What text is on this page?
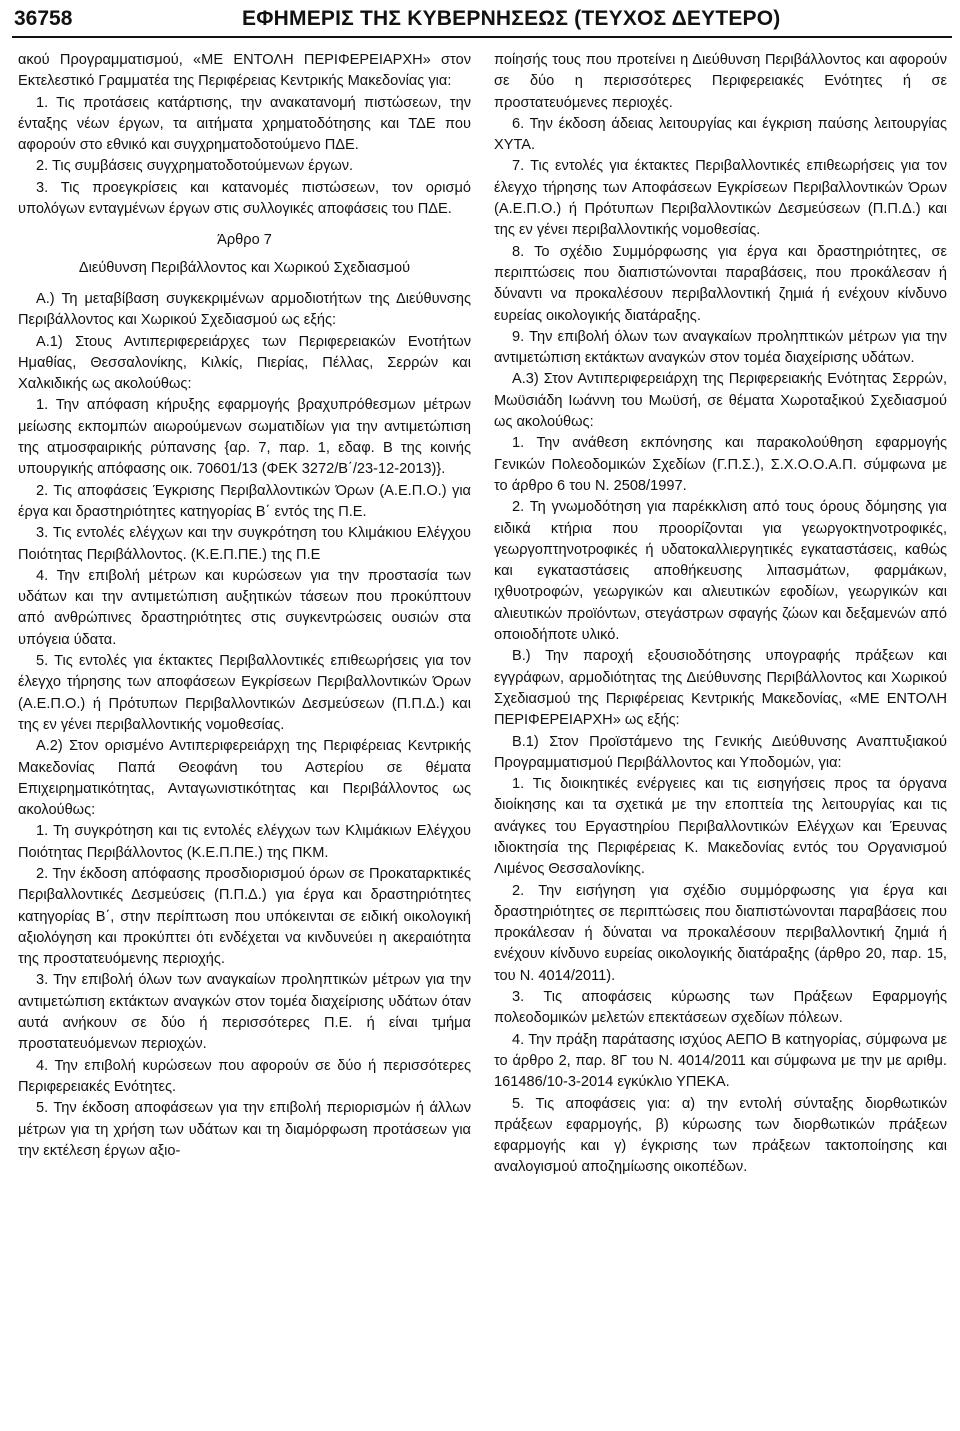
36758	ΕΦΗΜΕΡΙΣ ΤΗΣ ΚΥΒΕΡΝΗΣΕΩΣ (ΤΕΥΧΟΣ ΔΕΥΤΕΡΟ)

ακού Προγραμματισμού, «ΜΕ ΕΝΤΟΛΗ ΠΕΡΙΦΕΡΕΙΑΡΧΗ» στον Εκτελεστικό Γραμματέα της Περιφέρειας Κεντρικής Μακεδονίας για:

1. Τις προτάσεις κατάρτισης, την ανακατανομή πιστώσεων, την ένταξης νέων έργων, τα αιτήματα χρηματοδότησης και ΤΔΕ που αφορούν στο εθνικό και συγχρηματοδοτούμενο ΠΔΕ.

2. Τις συμβάσεις συγχρηματοδοτούμενων έργων.

3. Τις προεγκρίσεις και κατανομές πιστώσεων, τον ορισμό υπολόγων ενταγμένων έργων στις συλλογικές αποφάσεις του ΠΔΕ.

Άρθρο 7

Διεύθυνση Περιβάλλοντος και Χωρικού Σχεδιασμού

Α.) Τη μεταβίβαση συγκεκριμένων αρμοδιοτήτων της Διεύθυνσης Περιβάλλοντος και Χωρικού Σχεδιασμού ως εξής:

Α.1) Στους Αντιπεριφερειάρχες των Περιφερειακών Ενοτήτων Ημαθίας, Θεσσαλονίκης, Κιλκίς, Πιερίας, Πέλλας, Σερρών και Χαλκιδικής ως ακολούθως:

1. Την απόφαση κήρυξης εφαρμογής βραχυπρόθεσμων μέτρων μείωσης εκπομπών αιωρούμενων σωματιδίων για την αντιμετώπιση της ατμοσφαιρικής ρύπανσης {αρ. 7, παρ. 1, εδαφ. Β της κοινής υπουργικής απόφασης οικ. 70601/13 (ΦΕΚ 3272/Β΄/23-12-2013)}.

2. Τις αποφάσεις Έγκρισης Περιβαλλοντικών Όρων (Α.Ε.Π.Ο.) για έργα και δραστηριότητες κατηγορίας Β΄ εντός της Π.Ε.

3. Τις εντολές ελέγχων και την συγκρότηση του Κλιμάκιου Ελέγχου Ποιότητας Περιβάλλοντος. (Κ.Ε.Π.ΠΕ.) της Π.Ε

4. Την επιβολή μέτρων και κυρώσεων για την προστασία των υδάτων και την αντιμετώπιση αυξητικών τάσεων που προκύπτουν από ανθρώπινες δραστηριότητες στις συγκεντρώσεις ουσιών στα υπόγεια ύδατα.

5. Τις εντολές για έκτακτες Περιβαλλοντικές επιθεωρήσεις για τον έλεγχο τήρησης των αποφάσεων Εγκρίσεων Περιβαλλοντικών Όρων (Α.Ε.Π.Ο.) ή Πρότυπων Περιβαλλοντικών Δεσμεύσεων (Π.Π.Δ.) και της εν γένει περιβαλλοντικής νομοθεσίας.

Α.2) Στον ορισμένο Αντιπεριφερειάρχη της Περιφέρειας Κεντρικής Μακεδονίας Παπά Θεοφάνη του Αστερίου σε θέματα Επιχειρηματικότητας, Ανταγωνιστικότητας και Περιβάλλοντος ως ακολούθως:

1. Τη συγκρότηση και τις εντολές ελέγχων των Κλιμάκιων Ελέγχου Ποιότητας Περιβάλλοντος (Κ.Ε.Π.ΠΕ.) της ΠΚΜ.

2. Την έκδοση απόφασης προσδιορισμού όρων σε Προκαταρκτικές Περιβαλλοντικές Δεσμεύσεις (Π.Π.Δ.) για έργα και δραστηριότητες κατηγορίας Β΄, στην περίπτωση που υπόκεινται σε ειδική οικολογική αξιολόγηση και προκύπτει ότι ενδέχεται να κινδυνεύει η ακεραιότητα της προστατευόμενης περιοχής.

3. Την επιβολή όλων των αναγκαίων προληπτικών μέτρων για την αντιμετώπιση εκτάκτων αναγκών στον τομέα διαχείρισης υδάτων όταν αυτά ανήκουν σε δύο ή περισσότερες Π.Ε. ή είναι τμήμα προστατευόμενων περιοχών.

4. Την επιβολή κυρώσεων που αφορούν σε δύο ή περισσότερες Περιφερειακές Ενότητες.

5. Την έκδοση αποφάσεων για την επιβολή περιορισμών ή άλλων μέτρων για τη χρήση των υδάτων και τη διαμόρφωση προτάσεων για την εκτέλεση έργων αξιο-

ποίησής τους που προτείνει η Διεύθυνση Περιβάλλοντος και αφορούν σε δύο η περισσότερες Περιφερειακές Ενότητες ή σε προστατευόμενες περιοχές.

6. Την έκδοση άδειας λειτουργίας και έγκριση παύσης λειτουργίας ΧΥΤΑ.

7. Τις εντολές για έκτακτες Περιβαλλοντικές επιθεωρήσεις για τον έλεγχο τήρησης των Αποφάσεων Εγκρίσεων Περιβαλλοντικών Όρων (Α.Ε.Π.Ο.) ή Πρότυπων Περιβαλλοντικών Δεσμεύσεων (Π.Π.Δ.) και της εν γένει περιβαλλοντικής νομοθεσίας.

8. Το σχέδιο Συμμόρφωσης για έργα και δραστηριότητες, σε περιπτώσεις που διαπιστώνονται παραβάσεις, που προκάλεσαν ή δύναντι να προκαλέσουν περιβαλλοντική ζημιά ή ενέχουν κίνδυνο ευρείας οικολογικής διατάραξης.

9. Την επιβολή όλων των αναγκαίων προληπτικών μέτρων για την αντιμετώπιση εκτάκτων αναγκών στον τομέα διαχείρισης υδάτων.

Α.3) Στον Αντιπεριφερειάρχη της Περιφερειακής Ενότητας Σερρών, Μωϋσιάδη Ιωάννη του Μωϋσή, σε θέματα Χωροταξικού Σχεδιασμού ως ακολούθως:

1. Την ανάθεση εκπόνησης και παρακολούθηση εφαρμογής Γενικών Πολεοδομικών Σχεδίων (Γ.Π.Σ.), Σ.Χ.Ο.Ο.Α.Π. σύμφωνα με το άρθρο 6 του Ν. 2508/1997.

2. Τη γνωμοδότηση για παρέκκλιση από τους όρους δόμησης για ειδικά κτήρια που προορίζονται για γεωργοκτηνοτροφικές, γεωργοπτηνοτροφικές ή υδατοκαλλιεργητικές εγκαταστάσεις, καθώς και εγκαταστάσεις αποθήκευσης λιπασμάτων, φαρμάκων, ιχθυοτροφών, γεωργικών και αλιευτικών εφοδίων, γεωργικών και αλιευτικών προϊόντων, στεγάστρων σφαγής ζώων και δεξαμενών από οποιοδήποτε υλικό.

Β.) Την παροχή εξουσιοδότησης υπογραφής πράξεων και εγγράφων, αρμοδιότητας της Διεύθυνσης Περιβάλλοντος και Χωρικού Σχεδιασμού της Περιφέρειας Κεντρικής Μακεδονίας, «ΜΕ ΕΝΤΟΛΗ ΠΕΡΙΦΕΡΕΙΑΡΧΗ» ως εξής:

Β.1) Στον Προϊστάμενο της Γενικής Διεύθυνσης Αναπτυξιακού Προγραμματισμού Περιβάλλοντος και Υποδομών, για:

1. Τις διοικητικές ενέργειες και τις εισηγήσεις προς τα όργανα διοίκησης και τα σχετικά με την εποπτεία της λειτουργίας και τις ανάγκες του Εργαστηρίου Περιβαλλοντικών Ελέγχων και Έρευνας ιδιοκτησία της Περιφέρειας Κ. Μακεδονίας εντός του Οργανισμού Λιμένος Θεσσαλονίκης.

2. Την εισήγηση για σχέδιο συμμόρφωσης για έργα και δραστηριότητες σε περιπτώσεις που διαπιστώνονται παραβάσεις που προκάλεσαν ή δύναται να προκαλέσουν περιβαλλοντική ζημιά ή ενέχουν κίνδυνο ευρείας οικολογικής διατάραξης (άρθρο 20, παρ. 15, του Ν. 4014/2011).

3. Τις αποφάσεις κύρωσης των Πράξεων Εφαρμογής πολεοδομικών μελετών επεκτάσεων σχεδίων πόλεων.

4. Την πράξη παράτασης ισχύος ΑΕΠΟ Β κατηγορίας, σύμφωνα με το άρθρο 2, παρ. 8Γ του Ν. 4014/2011 και σύμφωνα με την με αριθμ. 161486/10-3-2014 εγκύκλιο ΥΠΕΚΑ.

5. Τις αποφάσεις για: α) την εντολή σύνταξης διορθωτικών πράξεων εφαρμογής, β) κύρωσης των διορθωτικών πράξεων εφαρμογής και γ) έγκρισης των πράξεων τακτοποίησης και αναλογισμού αποζημίωσης οικοπέδων.
